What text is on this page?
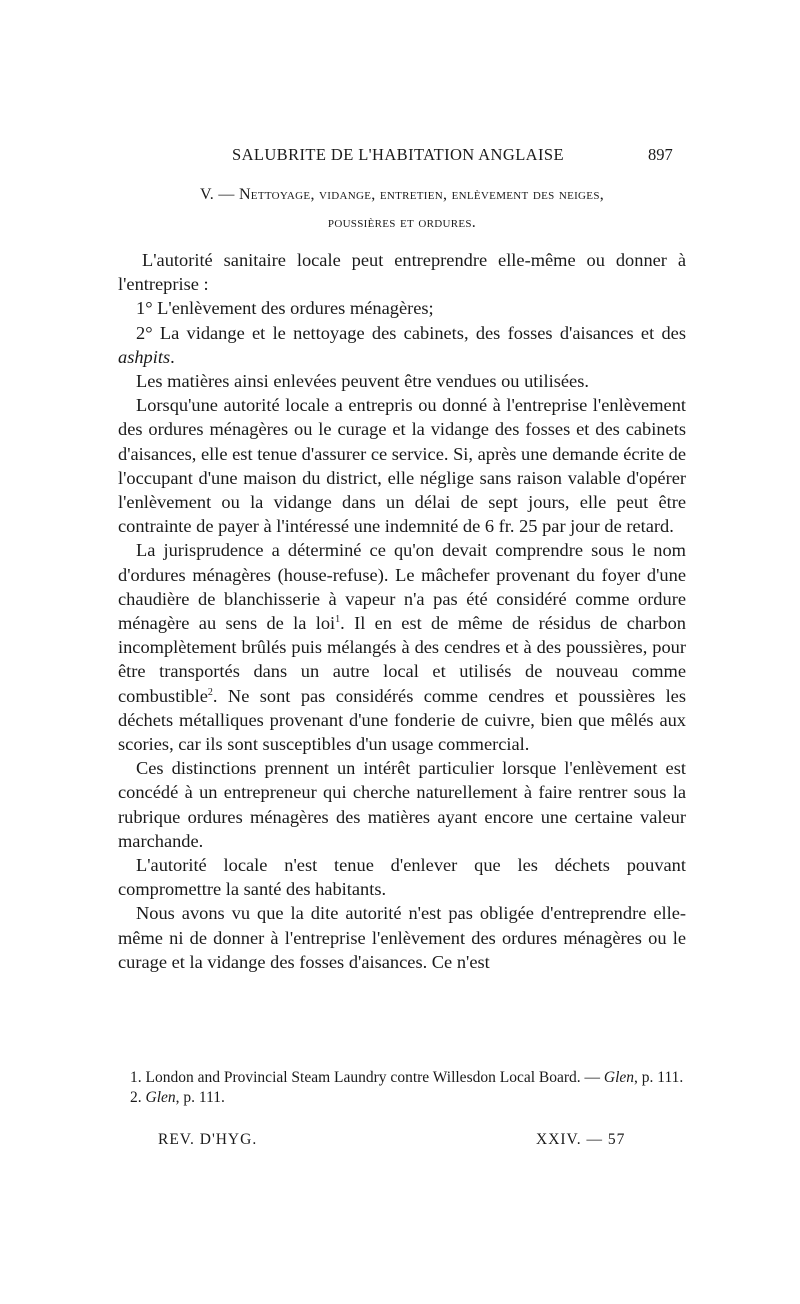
SALUBRITE DE L'HABITATION ANGLAISE	897
V. — Nettoyage, vidange, entretien, enlèvement des neiges,
poussières et ordures.

L'autorité sanitaire locale peut entreprendre elle-même ou donner à l'entreprise :

1° L'enlèvement des ordures ménagères;

2° La vidange et le nettoyage des cabinets, des fosses d'aisances et des ashpits.

Les matières ainsi enlevées peuvent être vendues ou utilisées.

Lorsqu'une autorité locale a entrepris ou donné à l'entreprise l'enlèvement des ordures ménagères ou le curage et la vidange des fosses et des cabinets d'aisances, elle est tenue d'assurer ce service. Si, après une demande écrite de l'occupant d'une maison du district, elle néglige sans raison valable d'opérer l'enlèvement ou la vidange dans un délai de sept jours, elle peut être contrainte de payer à l'intéressé une indemnité de 6 fr. 25 par jour de retard.

La jurisprudence a déterminé ce qu'on devait comprendre sous le nom d'ordures ménagères (house-refuse). Le mâchefer provenant du foyer d'une chaudière de blanchisserie à vapeur n'a pas été considéré comme ordure ménagère au sens de la loi$^1$. Il en est de même de résidus de charbon incomplètement brûlés puis mélangés à des cendres et à des poussières, pour être transportés dans un autre local et utilisés de nouveau comme combustible$^2$. Ne sont pas considérés comme cendres et poussières les déchets métalliques provenant d'une fonderie de cuivre, bien que mêlés aux scories, car ils sont susceptibles d'un usage commercial.

Ces distinctions prennent un intérêt particulier lorsque l'enlèvement est concédé à un entrepreneur qui cherche naturellement à faire rentrer sous la rubrique ordures ménagères des matières ayant encore une certaine valeur marchande.

L'autorité locale n'est tenue d'enlever que les déchets pouvant compromettre la santé des habitants.

Nous avons vu que la dite autorité n'est pas obligée d'entreprendre elle-même ni de donner à l'entreprise l'enlèvement des ordures ménagères ou le curage et la vidange des fosses d'aisances. Ce n'est

1. London and Provincial Steam Laundry contre Willesdon Local Board. — Glen, p. 111.

2. Glen, p. 111.

REV. D'HYG.	XXIV. — 57
